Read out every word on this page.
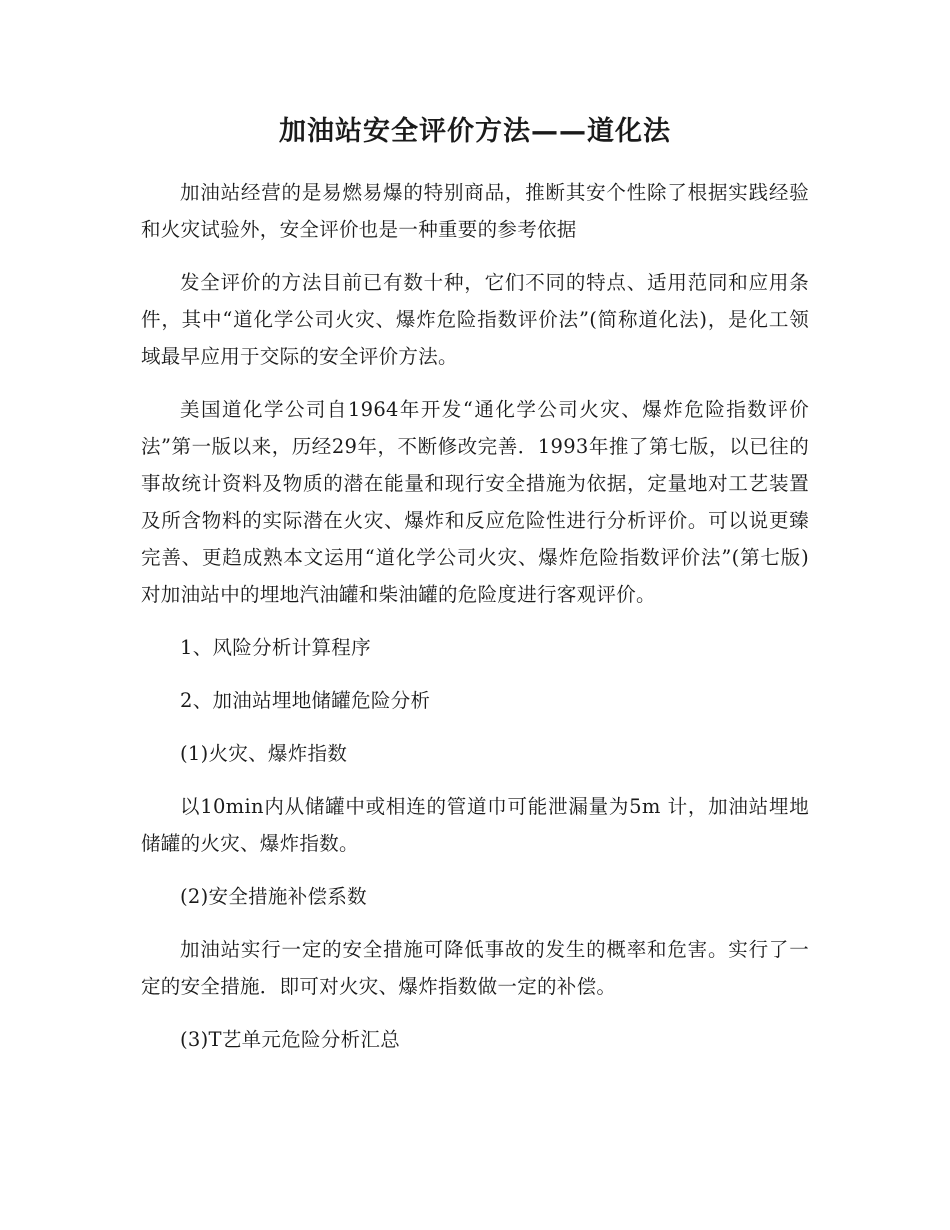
加油站安全评价方法——道化法

加油站经营的是易燃易爆的特别商品，推断其安个性除了根据实践经验和火灾试验外，安全评价也是一种重要的参考依据

发全评价的方法目前已有数十种，它们不同的特点、适用范同和应用条件，其中“道化学公司火灾、爆炸危险指数评价法”(简称道化法)，是化工领域最早应用于交际的安全评价方法。

美国道化学公司自1964年开发“通化学公司火灾、爆炸危险指数评价法”第一版以来，历经29年，不断修改完善．1993年推了第七版，以已往的事故统计资料及物质的潜在能量和现行安全措施为依据，定量地对工艺装置及所含物料的实际潜在火灾、爆炸和反应危险性进行分析评价。可以说更臻完善、更趋成熟本文运用“道化学公司火灾、爆炸危险指数评价法”(第七版)对加油站中的埋地汽油罐和柴油罐的危险度进行客观评价。

1、风险分析计算程序

2、加油站埋地储罐危险分析

(1)火灾、爆炸指数

以10min内从储罐中或相连的管道巾可能泄漏量为5m 计，加油站埋地储罐的火灾、爆炸指数。

(2)安全措施补偿系数

加油站实行一定的安全措施可降低事故的发生的概率和危害。实行了一定的安全措施．即可对火灾、爆炸指数做一定的补偿。

(3)T艺单元危险分析汇总
